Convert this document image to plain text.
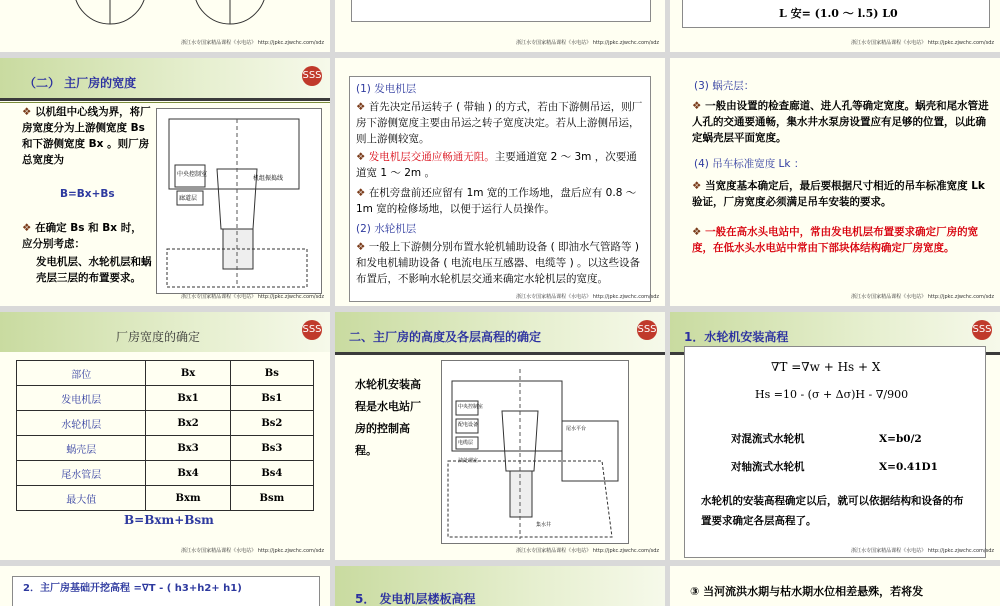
浙江水专国家精品课程《水电站》 http://jpkc.zjwchc.com/sdz	浙江水专国家精品课程《水电站》 http://jpkc.zjwchc.com/sdz
L 安= (1.0 ～ l.5) L0
浙江水专国家精品课程《水电站》 http://jpkc.zjwchc.com/sdz
（二） 主厂房的宽度
SSS
❖ 以机组中心线为界，将厂房宽度分为上游侧宽度 Bs 和下游侧宽度 Bx 。则厂房总宽度为
B=Bx+Bs
❖ 在确定 Bs 和 Bx 时，应分别考虑：
发电机层、水轮机层和蜗壳层三层的布置要求。
中央控制室
机组振捣线
廊道层
浙江水专国家精品课程《水电站》 http://jpkc.zjwchc.com/sdz
(1) 发电机层
❖ 首先决定吊运转子 ( 带轴 ) 的方式，若由下游侧吊运，则厂房下游侧宽度主要由吊运之转子宽度决定。若从上游侧吊运，则上游侧较宽。
❖ 发电机层交通应畅通无阻。主要通道宽 2 ～ 3m ，次要通道宽 1 ～ 2m 。
❖ 在机旁盘前还应留有 1m 宽的工作场地，盘后应有 0.8 ～ 1m 宽的检修场地，以便于运行人员操作。
(2) 水轮机层
❖ 一般上下游侧分别布置水轮机辅助设备 ( 即油水气管路等 ) 和发电机辅助设备 ( 电流电压互感器、电缆等 ) 。以这些设备布置后，不影响水轮机层交通来确定水轮机层的宽度。
浙江水专国家精品课程《水电站》 http://jpkc.zjwchc.com/sdz
(3) 蜗壳层：
❖ 一般由设置的检查廊道、进人孔等确定宽度。蜗壳和尾水管进人孔的交通要通畅，集水井水泵房设置应有足够的位置，以此确定蜗壳层平面宽度。
(4) 吊车标准宽度 Lk ：
❖ 当宽度基本确定后，最后要根据尺寸相近的吊车标准宽度 Lk 验证，厂房宽度必须满足吊车安装的要求。
❖ 一般在高水头电站中，常由发电机层布置要求确定厂房的宽度，在低水头水电站中常由下部块体结构确定厂房宽度。
浙江水专国家精品课程《水电站》 http://jpkc.zjwchc.com/sdz
厂房宽度的确定
SSS
部位	Bx	Bs
发电机层	Bx1	Bs1
水轮机层	Bx2	Bs2
蜗壳层	Bx3	Bs3
尾水管层	Bx4	Bs4
最大值	Bxm	Bsm
B=Bxm+Bsm
浙江水专国家精品课程《水电站》 http://jpkc.zjwchc.com/sdz
二、主厂房的高度及各层高程的确定
SSS
水轮机安装高程是水电站厂房的控制高程。
中央控制室
配电设备
电缆层
油处理室
尾水平台
集水井
浙江水专国家精品课程《水电站》 http://jpkc.zjwchc.com/sdz
1．水轮机安装高程
SSS
∇T =∇w + Hs + X
Hs =10 - (σ + Δσ)H - ∇/900
对混流式水轮机	X=b0/2
对轴流式水轮机	X=0.41D1
水轮机的安装高程确定以后，就可以依据结构和设备的布置要求确定各层高程了。
浙江水专国家精品课程《水电站》 http://jpkc.zjwchc.com/sdz
2．主厂房基础开挖高程 =∇T - ( h3+h2+ h1)
5． 发电机层楼板高程
③ 当河流洪水期与枯水期水位相差悬殊，若将发
